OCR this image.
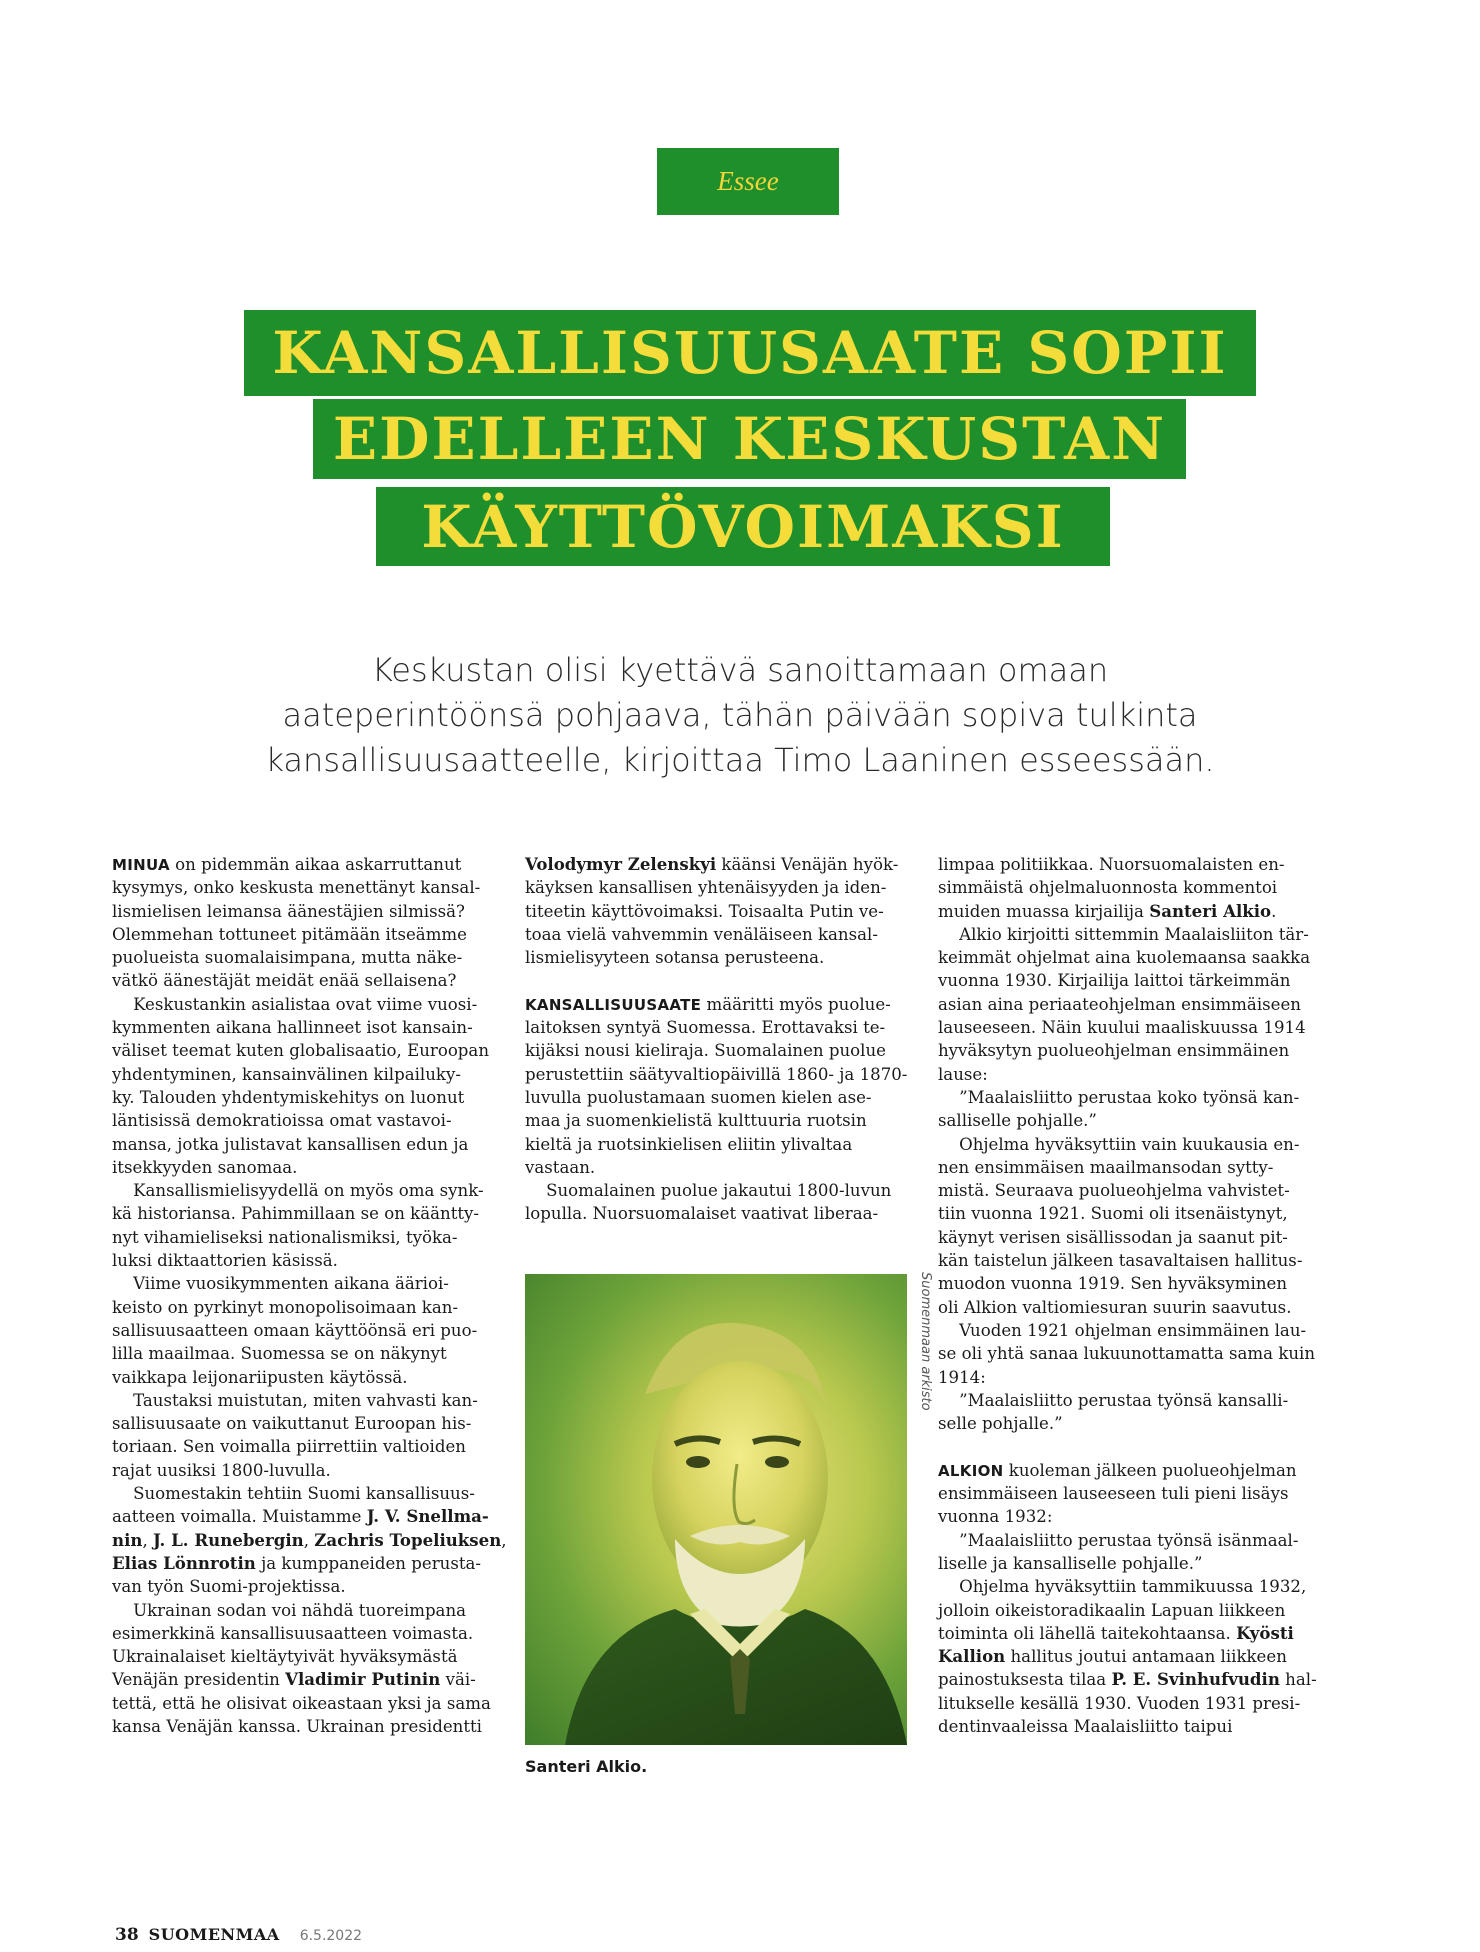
Essee
KANSALLISUUSAATE SOPII
EDELLEEN KESKUSTAN
KÄYTTÖVOIMAKSI
Keskustan olisi kyettävä sanoittamaan omaan
aateperintöönsä pohjaava, tähän päivään sopiva tulkinta
kansallisuusaatteelle, kirjoittaa Timo Laaninen esseessään.
MINUA on pidemmän aikaa askarruttanut
kysymys, onko keskusta menettänyt kansal-
lismielisen leimansa äänestäjien silmissä?
Olemmehan tottuneet pitämään itseämme
puolueista suomalaisimpana, mutta näke-
vätkö äänestäjät meidät enää sellaisena?
Keskustankin asialistaa ovat viime vuosi-
kymmenten aikana hallinneet isot kansain-
väliset teemat kuten globalisaatio, Euroopan
yhdentyminen, kansainvälinen kilpailuky-
ky. Talouden yhdentymiskehitys on luonut
läntisissä demokratioissa omat vastavoi-
mansa, jotka julistavat kansallisen edun ja
itsekkyyden sanomaa.
Kansallismielisyydellä on myös oma synk-
kä historiansa. Pahimmillaan se on kääntty-
nyt vihamieliseksi nationalismiksi, työka-
luksi diktaattorien käsissä.
Viime vuosikymmenten aikana äärioi-
keisto on pyrkinyt monopolisoimaan kan-
sallisuusaatteen omaan käyttöönsä eri puo-
lilla maailmaa. Suomessa se on näkynyt
vaikkapa leijonariipusten käytössä.
Taustaksi muistutan, miten vahvasti kan-
sallisuusaate on vaikuttanut Euroopan his-
toriaan. Sen voimalla piirrettiin valtioiden
rajat uusiksi 1800-luvulla.
Suomestakin tehtiin Suomi kansallisuus-
aatteen voimalla. Muistamme J. V. Snellma-
nin, J. L. Runebergin, Zachris Topeliuksen,
Elias Lönnrotin ja kumppaneiden perusta-
van työn Suomi-projektissa.
Ukrainan sodan voi nähdä tuoreimpana
esimerkkinä kansallisuusaatteen voimasta.
Ukrainalaiset kieltäytyivät hyväksymästä
Venäjän presidentin Vladimir Putinin väi-
tettä, että he olisivat oikeastaan yksi ja sama
kansa Venäjän kanssa. Ukrainan presidentti
Volodymyr Zelenskyi käänsi Venäjän hyök-
käyksen kansallisen yhtenäisyyden ja iden-
titeetin käyttövoimaksi. Toisaalta Putin ve-
toaa vielä vahvemmin venäläiseen kansal-
lismielisyyteen sotansa perusteena.
KANSALLISUUSAATE määritti myös puolue-
laitoksen syntyä Suomessa. Erottavaksi te-
kijäksi nousi kieliraja. Suomalainen puolue
perustettiin säätyvaltiopäivillä 1860- ja 1870-
luvulla puolustamaan suomen kielen ase-
maa ja suomenkielistä kulttuuria ruotsin
kieltä ja ruotsinkielisen eliitin ylivaltaa
vastaan.
Suomalainen puolue jakautui 1800-luvun
lopulla. Nuorsuomalaiset vaativat liberaa-
limpaa politiikkaa. Nuorsuomalaisten en-
simmäistä ohjelmaluonnosta kommentoi
muiden muassa kirjailija Santeri Alkio.
Alkio kirjoitti sittemmin Maalaisliiton tär-
keimmät ohjelmat aina kuolemaansa saakka
vuonna 1930. Kirjailija laittoi tärkeimmän
asian aina periaateohjelman ensimmäiseen
lauseeseen. Näin kuului maaliskuussa 1914
hyväksytyn puolueohjelman ensimmäinen
lause:
”Maalaisliitto perustaa koko työnsä kan-
salliselle pohjalle.”
Ohjelma hyväksyttiin vain kuukausia en-
nen ensimmäisen maailmansodan sytty-
mistä. Seuraava puolueohjelma vahvistet-
tiin vuonna 1921. Suomi oli itsenäistynyt,
käynyt verisen sisällissodan ja saanut pit-
kän taistelun jälkeen tasavaltaisen hallitus-
muodon vuonna 1919. Sen hyväksyminen
oli Alkion valtiomiesuran suurin saavutus.
Vuoden 1921 ohjelman ensimmäinen lau-
se oli yhtä sanaa lukuunottamatta sama kuin
1914:
”Maalaisliitto perustaa työnsä kansalli-
selle pohjalle.”
ALKION kuoleman jälkeen puolueohjelman
ensimmäiseen lauseeseen tuli pieni lisäys
vuonna 1932:
”Maalaisliitto perustaa työnsä isänmaal-
liselle ja kansalliselle pohjalle.”
Ohjelma hyväksyttiin tammikuussa 1932,
jolloin oikeistoradikaalin Lapuan liikkeen
toiminta oli lähellä taitekohtaansa. Kyösti
Kallion hallitus joutui antamaan liikkeen
painostuksesta tilaa P. E. Svinhufvudin hal-
litukselle kesällä 1930. Vuoden 1931 presi-
dentinvaaleissa Maalaisliitto taipui
Suomenmaan arkisto
Santeri Alkio.
38 SUOMENMAA 6.5.2022
